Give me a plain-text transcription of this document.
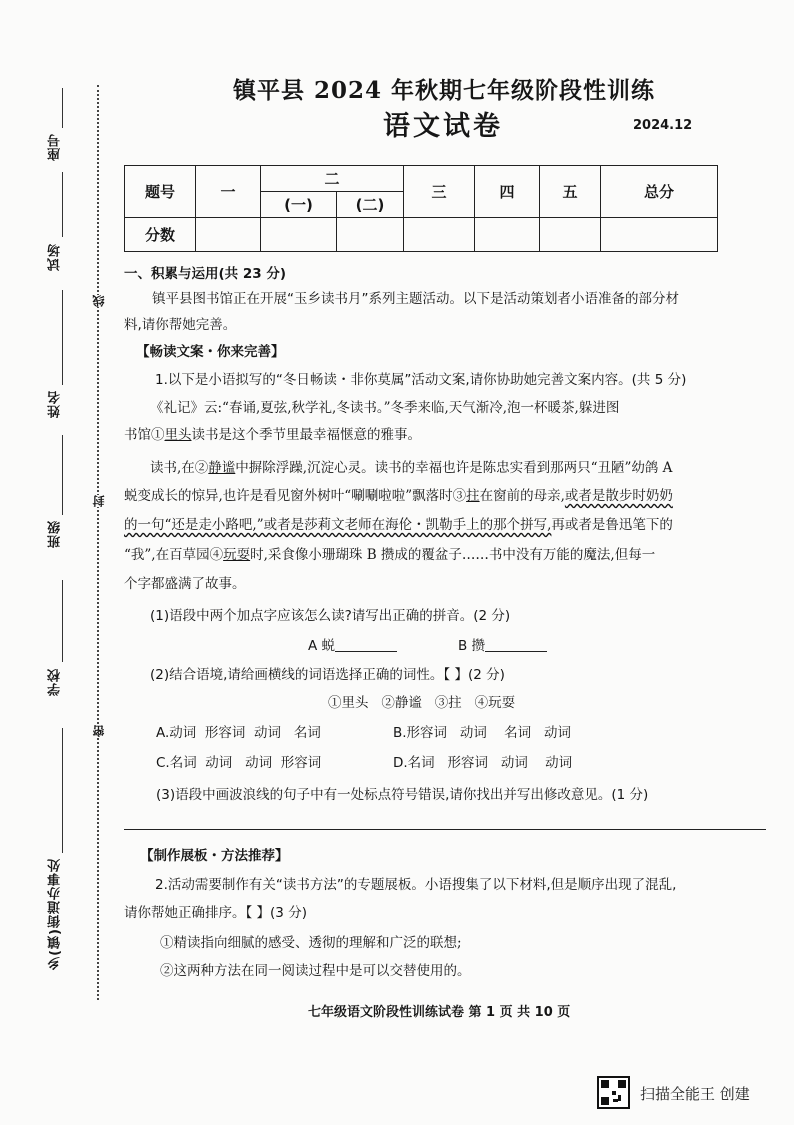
座号
试场
姓名
班级
学校
乡(镇)街道办事处
线
封
密
镇平县 2024 年秋期七年级阶段性训练
语文试卷	2024.12
题号	一	二		三	四	五	总分
		(一)	(二)				
分数							
一、积累与运用(共 23 分)
镇平县图书馆正在开展“玉乡读书月”系列主题活动。以下是活动策划者小语准备的部分材
料,请你帮她完善。
【畅读文案・你来完善】
1.以下是小语拟写的“冬日畅读・非你莫属”活动文案,请你协助她完善文案内容。(共 5 分)
《礼记》云:“春诵,夏弦,秋学礼,冬读书。”冬季来临,天气渐冷,泡一杯暖茶,躲进图
书馆①里头读书是这个季节里最幸福惬意的雅事。
读书,在②静谧中摒除浮躁,沉淀心灵。读书的幸福也许是陈忠实看到那两只“丑陋”幼鸽 A
蜕变成长的惊异,也许是看见窗外树叶“唰唰啦啦”飘落时③拄在窗前的母亲,或者是散步时奶奶
的一句“还是走小路吧,”或者是莎莉文老师在海伦・凯勒手上的那个拼写,再或者是鲁迅笔下的
“我”,在百草园④玩耍时,采食像小珊瑚珠 B 攒成的覆盆子……书中没有万能的魔法,但每一
个字都盛满了故事。
(1)语段中两个加点字应该怎么读?请写出正确的拼音。(2 分)
A 蜕	B 攒
(2)结合语境,请给画横线的词语选择正确的词性。【 】(2 分)
①里头   ②静谧   ③拄   ④玩耍
A.动词  形容词  动词   名词	B.形容词   动词    名词   动词
C.名词  动词   动词  形容词	D.名词   形容词   动词    动词
(3)语段中画波浪线的句子中有一处标点符号错误,请你找出并写出修改意见。(1 分)
【制作展板・方法推荐】
2.活动需要制作有关“读书方法”的专题展板。小语搜集了以下材料,但是顺序出现了混乱,
请你帮她正确排序。【 】(3 分)
①精读指向细腻的感受、透彻的理解和广泛的联想;
②这两种方法在同一阅读过程中是可以交替使用的。
七年级语文阶段性训练试卷 第 1 页 共 10 页
扫描全能王 创建
